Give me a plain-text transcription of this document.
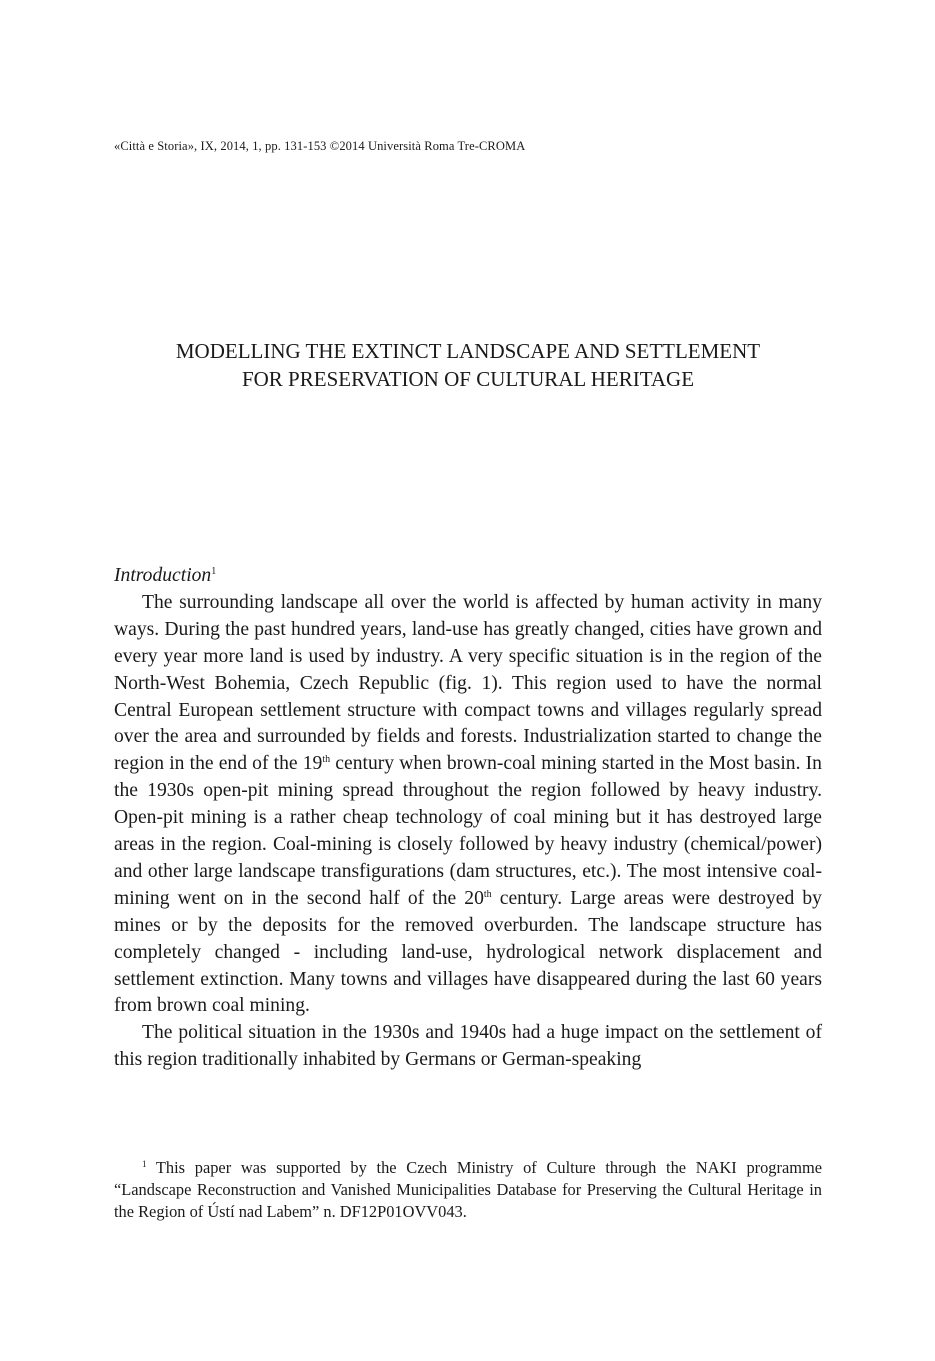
«Città e Storia», IX, 2014, 1, pp. 131-153 ©2014 Università Roma Tre-CROMA
MODELLING THE EXTINCT LANDSCAPE AND SETTLEMENT
FOR PRESERVATION OF CULTURAL HERITAGE

Introduction$^1$

The surrounding landscape all over the world is affected by human activity in many ways. During the past hundred years, land-use has greatly changed, cities have grown and every year more land is used by industry. A very specific situation is in the region of the North-West Bohemia, Czech Republic (fig. 1). This region used to have the normal Central European settlement structure with compact towns and villages regularly spread over the area and surrounded by fields and forests. Industrialization started to change the region in the end of the 19th century when brown-coal mining started in the Most basin. In the 1930s open-pit mining spread throughout the region followed by heavy industry. Open-pit mining is a rather cheap technology of coal mining but it has destroyed large areas in the region. Coal-mining is closely followed by heavy industry (chemical/power) and other large landscape transfigurations (dam structures, etc.). The most intensive coal-mining went on in the second half of the 20th century. Large areas were destroyed by mines or by the deposits for the removed overburden. The landscape structure has completely changed - including land-use, hydrological network displacement and settlement extinction. Many towns and villages have disappeared during the last 60 years from brown coal mining.

The political situation in the 1930s and 1940s had a huge impact on the settlement of this region traditionally inhabited by Germans or German-speaking

$^1$ This paper was supported by the Czech Ministry of Culture through the NAKI programme “Landscape Reconstruction and Vanished Municipalities Database for Preserving the Cultural Heritage in the Region of Ústí nad Labem” n. DF12P01OVV043.
